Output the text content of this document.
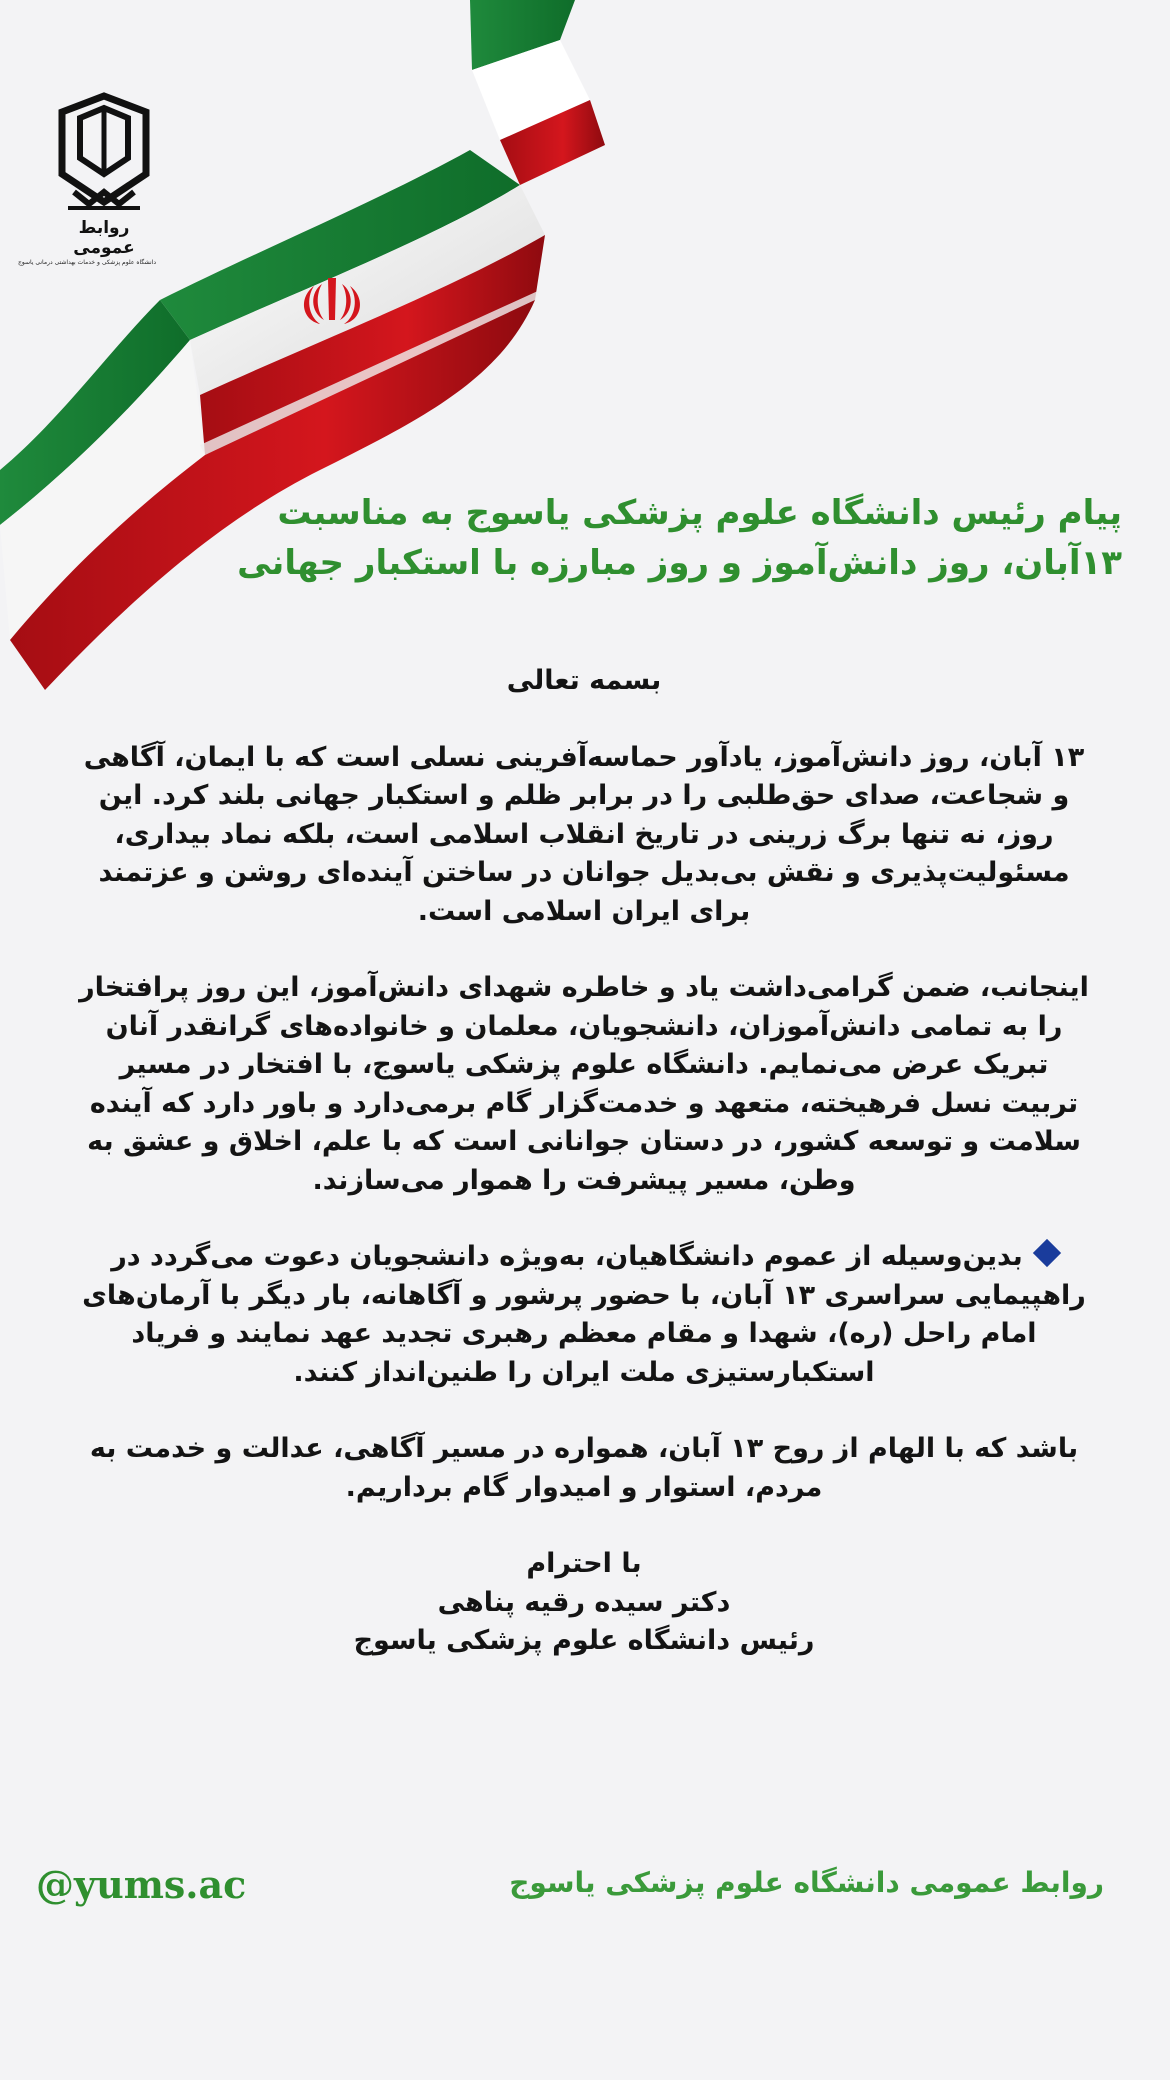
روابط عمومی
دانشگاه علوم پزشکی و خدمات بهداشتی درمانی یاسوج
پیام رئیس دانشگاه علوم پزشکی یاسوج به مناسبت
۱۳آبان، روز دانش‌آموز و روز مبارزه با استکبار جهانی

بسمه تعالی

۱۳ آبان، روز دانش‌آموز، یادآور حماسه‌آفرینی نسلی است که با ایمان، آگاهی و شجاعت، صدای حق‌طلبی را در برابر ظلم و استکبار جهانی بلند کرد. این روز، نه تنها برگ زرینی در تاریخ انقلاب اسلامی است، بلکه نماد بیداری، مسئولیت‌پذیری و نقش بی‌بدیل جوانان در ساختن آینده‌ای روشن و عزتمند برای ایران اسلامی است.

اینجانب، ضمن گرامی‌داشت یاد و خاطره شهدای دانش‌آموز، این روز پرافتخار را به تمامی دانش‌آموزان، دانشجویان، معلمان و خانواده‌های گرانقدر آنان تبریک عرض می‌نمایم. دانشگاه علوم پزشکی یاسوج، با افتخار در مسیر تربیت نسل فرهیخته، متعهد و خدمت‌گزار گام برمی‌دارد و باور دارد که آینده سلامت و توسعه کشور، در دستان جوانانی است که با علم، اخلاق و عشق به وطن، مسیر پیشرفت را هموار می‌سازند.

بدین‌وسیله از عموم دانشگاهیان، به‌ویژه دانشجویان دعوت می‌گردد در راهپیمایی سراسری ۱۳ آبان، با حضور پرشور و آگاهانه، بار دیگر با آرمان‌های امام راحل (ره)، شهدا و مقام معظم رهبری تجدید عهد نمایند و فریاد استکبارستیزی ملت ایران را طنین‌انداز کنند.

باشد که با الهام از روح ۱۳ آبان، همواره در مسیر آگاهی، عدالت و خدمت به مردم، استوار و امیدوار گام برداریم.

با احترام

دکتر سیده رقیه پناهی

رئیس دانشگاه علوم پزشکی یاسوج

@yums.ac	روابط عمومی دانشگاه علوم پزشکی یاسوج
